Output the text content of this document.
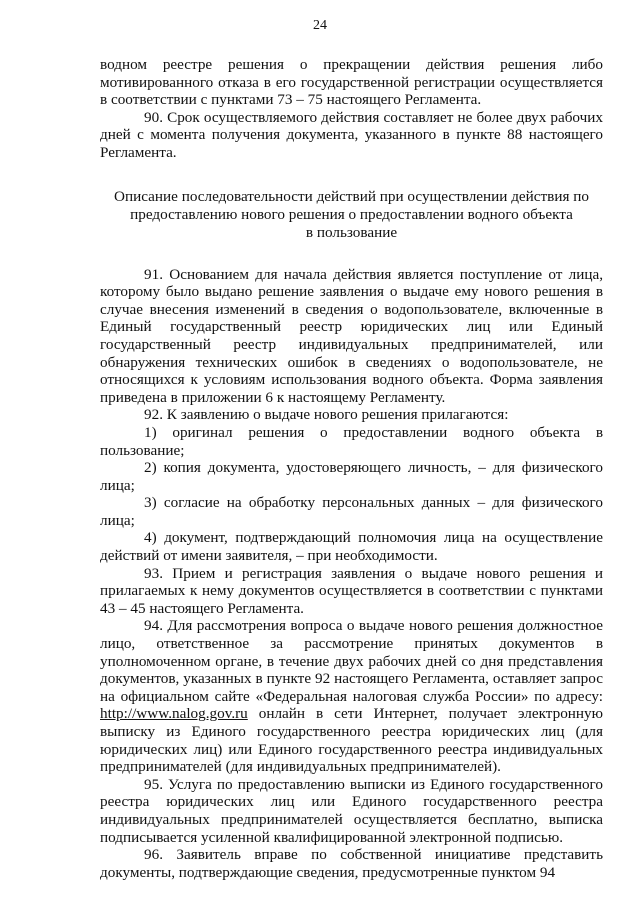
24

водном реестре решения о прекращении действия решения либо мотивированного отказа в его государственной регистрации осуществляется в соответствии с пунктами 73 – 75 настоящего Регламента.

90. Срок осуществляемого действия составляет не более двух рабочих дней с момента получения документа, указанного в пункте 88 настоящего Регламента.

Описание последовательности действий при осуществлении действия по
предоставлению нового решения о предоставлении водного объекта
в пользование

91. Основанием для начала действия является поступление от лица, которому было выдано решение заявления о выдаче ему нового решения в случае внесения изменений в сведения о водопользователе, включенные в Единый государственный реестр юридических лиц или Единый государственный реестр индивидуальных предпринимателей, или обнаружения технических ошибок в сведениях о водопользователе, не относящихся к условиям использования водного объекта. Форма заявления приведена в приложении 6 к настоящему Регламенту.

92. К заявлению о выдаче нового решения прилагаются:

1) оригинал решения о предоставлении водного объекта в пользование;

2) копия документа, удостоверяющего личность, – для физического лица;

3) согласие на обработку персональных данных – для физического лица;

4) документ, подтверждающий полномочия лица на осуществление действий от имени заявителя, – при необходимости.

93. Прием и регистрация заявления о выдаче нового решения и прилагаемых к нему документов осуществляется в соответствии с пунктами 43 – 45 настоящего Регламента.

94. Для рассмотрения вопроса о выдаче нового решения должностное лицо, ответственное за рассмотрение принятых документов в уполномоченном органе, в течение двух рабочих дней со дня представления документов, указанных в пункте 92 настоящего Регламента, оставляет запрос на официальном сайте «Федеральная налоговая служба России» по адресу: http://www.nalog.gov.ru онлайн в сети Интернет, получает электронную выписку из Единого государственного реестра юридических лиц (для юридических лиц) или Единого государственного реестра индивидуальных предпринимателей (для индивидуальных предпринимателей).

95. Услуга по предоставлению выписки из Единого государственного реестра юридических лиц или Единого государственного реестра индивидуальных предпринимателей осуществляется бесплатно, выписка подписывается усиленной квалифицированной электронной подписью.

96. Заявитель вправе по собственной инициативе представить документы, подтверждающие сведения, предусмотренные пунктом 94
